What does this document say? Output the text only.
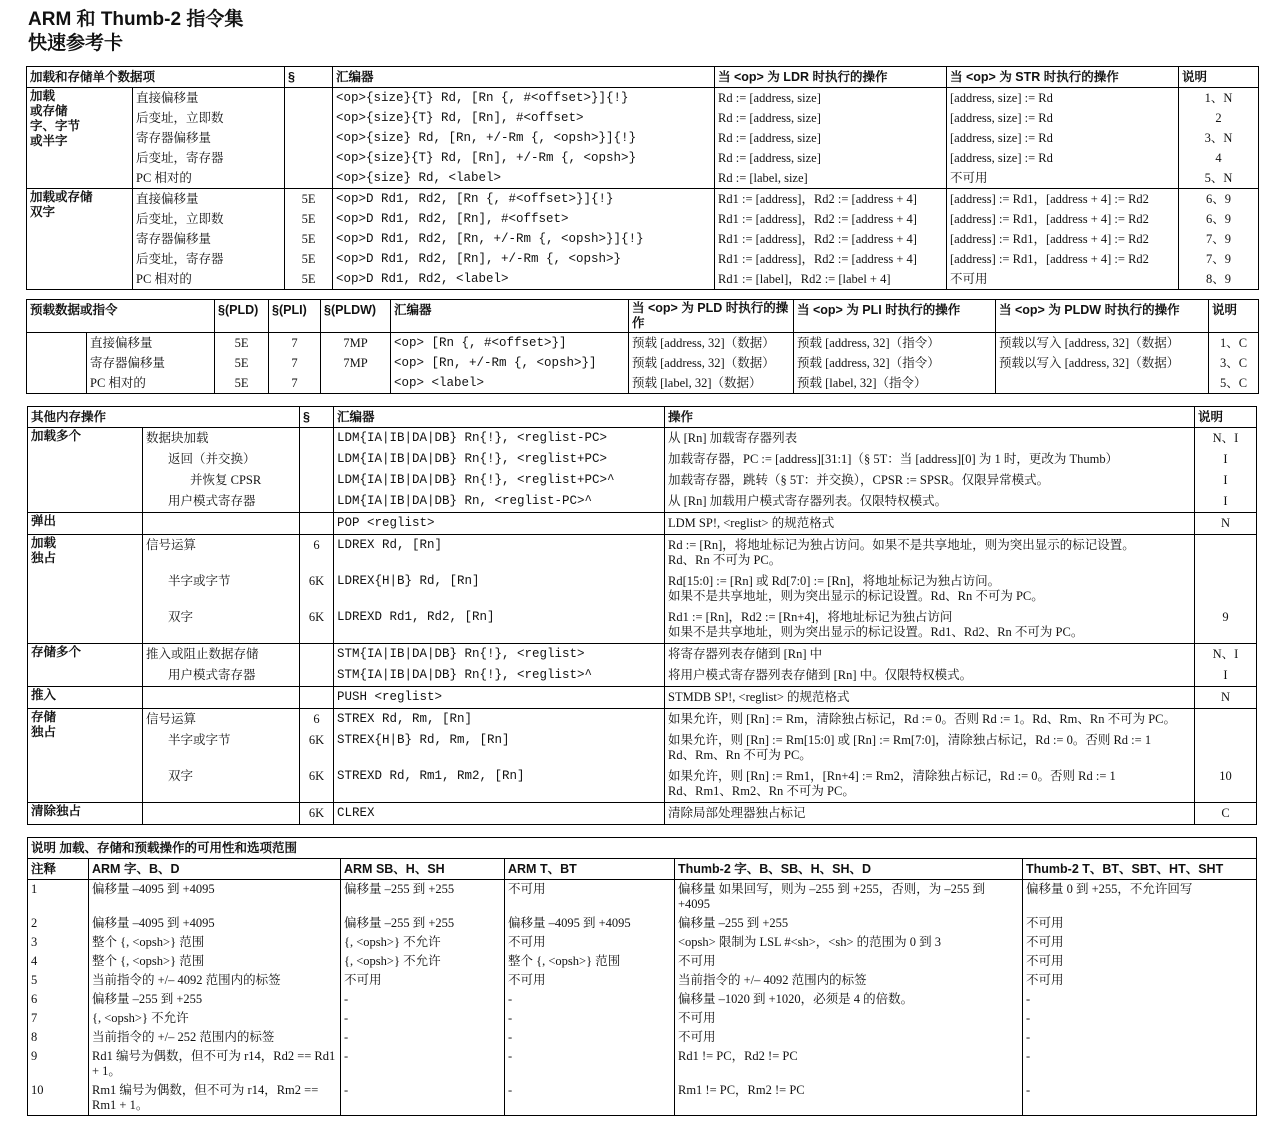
ARM 和 Thumb-2 指令集
快速参考卡
加载和存储单个数据项		§	汇编器	当 <op> 为 LDR 时执行的操作	当 <op> 为 STR 时执行的操作	说明
加载
或存储
字、字节
或半字	直接偏移量		<op>{size}{T} Rd, [Rn {, #<offset>}]{!}	Rd := [address, size]	[address, size] := Rd	1、N
	后变址，立即数		<op>{size}{T} Rd, [Rn], #<offset>	Rd := [address, size]	[address, size] := Rd	2
	寄存器偏移量		<op>{size} Rd, [Rn, +/-Rm {, <opsh>}]{!}	Rd := [address, size]	[address, size] := Rd	3、N
	后变址，寄存器		<op>{size}{T} Rd, [Rn], +/-Rm {, <opsh>}	Rd := [address, size]	[address, size] := Rd	4
	PC 相对的		<op>{size} Rd, <label>	Rd := [label, size]	不可用	5、N
加载或存储
双字	直接偏移量	5E	<op>D Rd1, Rd2, [Rn {, #<offset>}]{!}	Rd1 := [address]，Rd2 := [address + 4]	[address] := Rd1，[address + 4] := Rd2	6、9
	后变址，立即数	5E	<op>D Rd1, Rd2, [Rn], #<offset>	Rd1 := [address]，Rd2 := [address + 4]	[address] := Rd1，[address + 4] := Rd2	6、9
	寄存器偏移量	5E	<op>D Rd1, Rd2, [Rn, +/-Rm {, <opsh>}]{!}	Rd1 := [address]，Rd2 := [address + 4]	[address] := Rd1，[address + 4] := Rd2	7、9
	后变址，寄存器	5E	<op>D Rd1, Rd2, [Rn], +/-Rm {, <opsh>}	Rd1 := [address]，Rd2 := [address + 4]	[address] := Rd1，[address + 4] := Rd2	7、9
	PC 相对的	5E	<op>D Rd1, Rd2, <label>	Rd1 := [label]，Rd2 := [label + 4]	不可用	8、9
预载数据或指令		§(PLD)	§(PLI)	§(PLDW)	汇编器	当 <op> 为 PLD 时执行的操作	当 <op> 为 PLI 时执行的操作	当 <op> 为 PLDW 时执行的操作	说明
	直接偏移量	5E	7	7MP	<op> [Rn {, #<offset>}]	预载 [address, 32]（数据）	预载 [address, 32]（指令）	预载以写入 [address, 32]（数据）	1、C
	寄存器偏移量	5E	7	7MP	<op> [Rn, +/-Rm {, <opsh>}]	预载 [address, 32]（数据）	预载 [address, 32]（指令）	预载以写入 [address, 32]（数据）	3、C
	PC 相对的	5E	7		<op> <label>	预载 [label, 32]（数据）	预载 [label, 32]（指令）		5、C
其他内存操作		§	汇编器	操作	说明
加载多个	数据块加载		LDM{IA|IB|DA|DB} Rn{!}, <reglist-PC>	从 [Rn] 加载寄存器列表	N、I
	返回（并交换）		LDM{IA|IB|DA|DB} Rn{!}, <reglist+PC>	加载寄存器，PC := [address][31:1]（§ 5T：当 [address][0] 为 1 时，更改为 Thumb）	I
	并恢复 CPSR		LDM{IA|IB|DA|DB} Rn{!}, <reglist+PC>^	加载寄存器，跳转（§ 5T：并交换），CPSR := SPSR。仅限异常模式。	I
	用户模式寄存器		LDM{IA|IB|DA|DB} Rn, <reglist-PC>^	从 [Rn] 加载用户模式寄存器列表。仅限特权模式。	I
弹出			POP <reglist>	LDM SP!, <reglist> 的规范格式	N
加载
独占	信号运算	6	LDREX Rd, [Rn]	Rd := [Rn]，将地址标记为独占访问。如果不是共享地址，则为突出显示的标记设置。
Rd、Rn 不可为 PC。	
	半字或字节	6K	LDREX{H|B} Rd, [Rn]	Rd[15:0] := [Rn] 或 Rd[7:0] := [Rn]，将地址标记为独占访问。
如果不是共享地址，则为突出显示的标记设置。Rd、Rn 不可为 PC。	
	双字	6K	LDREXD Rd1, Rd2, [Rn]	Rd1 := [Rn]，Rd2 := [Rn+4]，将地址标记为独占访问
如果不是共享地址，则为突出显示的标记设置。Rd1、Rd2、Rn 不可为 PC。	9
存储多个	推入或阻止数据存储		STM{IA|IB|DA|DB} Rn{!}, <reglist>	将寄存器列表存储到 [Rn] 中	N、I
	用户模式寄存器		STM{IA|IB|DA|DB} Rn{!}, <reglist>^	将用户模式寄存器列表存储到 [Rn] 中。仅限特权模式。	I
推入			PUSH <reglist>	STMDB SP!, <reglist> 的规范格式	N
存储
独占	信号运算	6	STREX Rd, Rm, [Rn]	如果允许，则 [Rn] := Rm，清除独占标记，Rd := 0。否则 Rd := 1。Rd、Rm、Rn 不可为 PC。	
	半字或字节	6K	STREX{H|B} Rd, Rm, [Rn]	如果允许，则 [Rn] := Rm[15:0] 或 [Rn] := Rm[7:0]，清除独占标记，Rd := 0。否则 Rd := 1
Rd、Rm、Rn 不可为 PC。	
	双字	6K	STREXD Rd, Rm1, Rm2, [Rn]	如果允许，则 [Rn] := Rm1，[Rn+4] := Rm2，清除独占标记，Rd := 0。否则 Rd := 1
Rd、Rm1、Rm2、Rn 不可为 PC。	10
清除独占		6K	CLREX	清除局部处理器独占标记	C
说明 加载、存储和预载操作的可用性和选项范围					
注释	ARM 字、B、D	ARM SB、H、SH	ARM T、BT	Thumb-2 字、B、SB、H、SH、D	Thumb-2 T、BT、SBT、HT、SHT
1	偏移量 –4095 到 +4095	偏移量 –255 到 +255	不可用	偏移量 如果回写，则为 –255 到 +255，否则，为 –255 到 +4095	偏移量 0 到 +255，不允许回写
2	偏移量 –4095 到 +4095	偏移量 –255 到 +255	偏移量 –4095 到 +4095	偏移量 –255 到 +255	不可用
3	整个 {, <opsh>} 范围	{, <opsh>} 不允许	不可用	<opsh> 限制为 LSL #<sh>，<sh> 的范围为 0 到 3	不可用
4	整个 {, <opsh>} 范围	{, <opsh>} 不允许	整个 {, <opsh>} 范围	不可用	不可用
5	当前指令的 +/– 4092 范围内的标签	不可用	不可用	当前指令的 +/– 4092 范围内的标签	不可用
6	偏移量 –255 到 +255	-	-	偏移量 –1020 到 +1020，必须是 4 的倍数。	-
7	{, <opsh>} 不允许	-	-	不可用	-
8	当前指令的 +/– 252 范围内的标签	-	-	不可用	-
9	Rd1 编号为偶数，但不可为 r14，Rd2 == Rd1 + 1。	-	-	Rd1 != PC，Rd2 != PC	-
10	Rm1 编号为偶数，但不可为 r14，Rm2 == Rm1 + 1。	-	-	Rm1 != PC，Rm2 != PC	-
